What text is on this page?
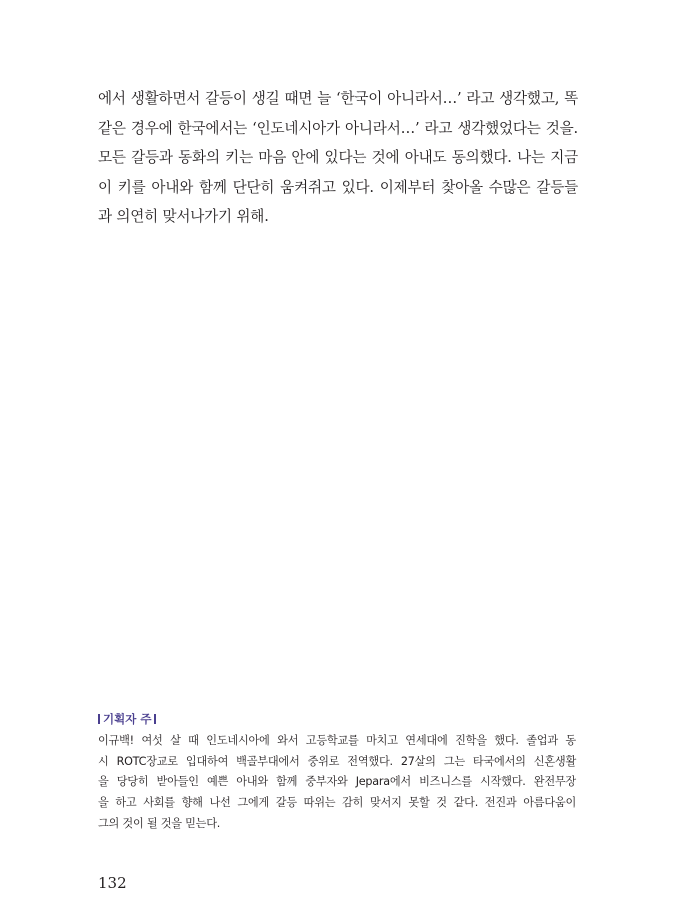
에서 생활하면서 갈등이 생길 때면 늘 ‘한국이 아니라서…’ 라고 생각했고, 똑
같은 경우에 한국에서는 ‘인도네시아가 아니라서…’ 라고 생각했었다는 것을.
모든 갈등과 동화의 키는 마음 안에 있다는 것에 아내도 동의했다. 나는 지금
이 키를 아내와 함께 단단히 움켜쥐고 있다. 이제부터 찾아올 수많은 갈등들
과 의연히 맞서나가기 위해.
기획자 주
이규백! 여섯 살 때 인도네시아에 와서 고등학교를 마치고 연세대에 진학을 했다. 졸업과 동
시 ROTC장교로 입대하여 백골부대에서 중위로 전역했다. 27살의 그는 타국에서의 신혼생활
을 당당히 받아들인 예쁜 아내와 함께 중부자와 Jepara에서 비즈니스를 시작했다. 완전무장
을 하고 사회를 향해 나선 그에게 갈등 따위는 감히 맞서지 못할 것 같다. 전진과 아름다움이
그의 것이 될 것을 믿는다.
132
